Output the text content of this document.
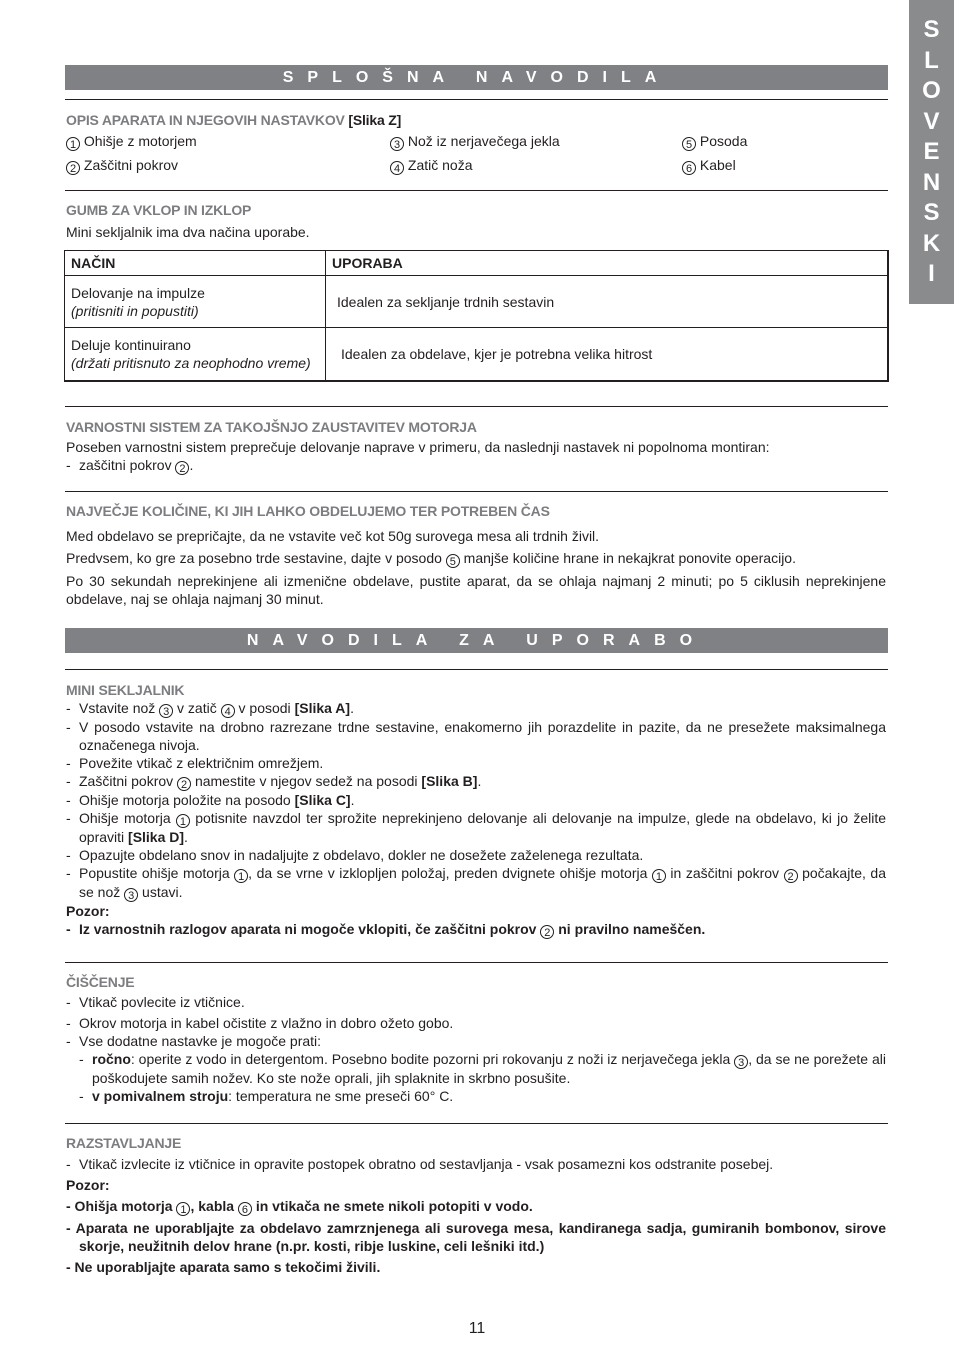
S
L
O
V
E
N
S
K
I
SPLOŠNA NAVODILA
OPIS APARATA IN NJEGOVIH NASTAVKOV [Slika Z]
1 Ohišje z motorjem
2 Zaščitni pokrov
3 Nož iz nerjavečega jekla
4 Zatič noža
5 Posoda
6 Kabel
GUMB ZA VKLOP IN IZKLOP

Mini sekljalnik ima dva načina uporabe.

NAČIN	UPORABA

Delovanje na impulze
(pritisniti in popustiti)	Idealen za sekljanje trdnih sestavin

Deluje kontinuirano
(držati pritisnuto za neophodno vreme)	Idealen za obdelave, kjer je potrebna velika hitrost
VARNOSTNI SISTEM ZA TAKOJŠNJO ZAUSTAVITEV MOTORJA

Poseben varnostni sistem preprečuje delovanje naprave v primeru, da naslednji nastavek ni popolnoma montiran:

- zaščitni pokrov 2 .
NAJVEČJE KOLIČINE, KI JIH LAHKO OBDELUJEMO TER POTREBEN ČAS

Med obdelavo se prepričajte, da ne vstavite več kot 50g surovega mesa ali trdnih živil.

Predvsem, ko gre za posebno trde sestavine, dajte v posodo 5 manjše količine hrane in nekajkrat ponovite operacijo.

Po 30 sekundah neprekinjene ali izmenične obdelave, pustite aparat, da se ohlaja najmanj 2 minuti; po 5 ciklusih neprekinjene obdelave, naj se ohlaja najmanj 30 minut.

NAVODILA ZA UPORABO
MINI SEKLJALNIK
- Vstavite nož 3 v zatič 4 v posodi [Slika A].
- V posodo vstavite na drobno razrezane trdne sestavine, enakomerno jih porazdelite in pazite, da ne presežete maksimalnega označenega nivoja.
- Povežite vtikač z električnim omrežjem.
- Zaščitni pokrov 2 namestite v njegov sedež na posodi [Slika B].
- Ohišje motorja položite na posodo [Slika C].
- Ohišje motorja 1 potisnite navzdol ter sprožite neprekinjeno delovanje ali delovanje na impulze, glede na obdelavo, ki jo želite opraviti [Slika D].
- Opazujte obdelano snov in nadaljujte z obdelavo, dokler ne dosežete zaželenega rezultata.
- Popustite ohišje motorja 1 , da se vrne v izklopljen položaj, preden dvignete ohišje motorja 1 in zaščitni pokrov 2 počakajte, da se nož 3 ustavi.
Pozor:
- Iz varnostnih razlogov aparata ni mogoče vklopiti, če zaščitni pokrov 2 ni pravilno nameščen.
ČIŠČENJE
- Vtikač povlecite iz vtičnice.
- Okrov motorja in kabel očistite z vlažno in dobro ožeto gobo.
- Vse dodatne nastavke je mogoče prati:
- ročno: operite z vodo in detergentom. Posebno bodite pozorni pri rokovanju z noži iz nerjavečega jekla 3 , da se ne porežete ali poškodujete samih nožev. Ko ste nože oprali, jih splaknite in skrbno posušite.
- v pomivalnem stroju: temperatura ne sme preseči 60° C.
RAZSTAVLJANJE
- Vtikač izvlecite iz vtičnice in opravite postopek obratno od sestavljanja - vsak posamezni kos odstranite posebej.
Pozor:
- Ohišja motorja 1 , kabla 6 in vtikača ne smete nikoli potopiti v vodo.
- Aparata ne uporabljajte za obdelavo zamrznjenega ali surovega mesa, kandiranega sadja, gumiranih bombonov, sirove skorje, neužitnih delov hrane (n.pr. kosti, ribje luskine, celi lešniki itd.)
- Ne uporabljajte aparata samo s tekočimi živili.
11
